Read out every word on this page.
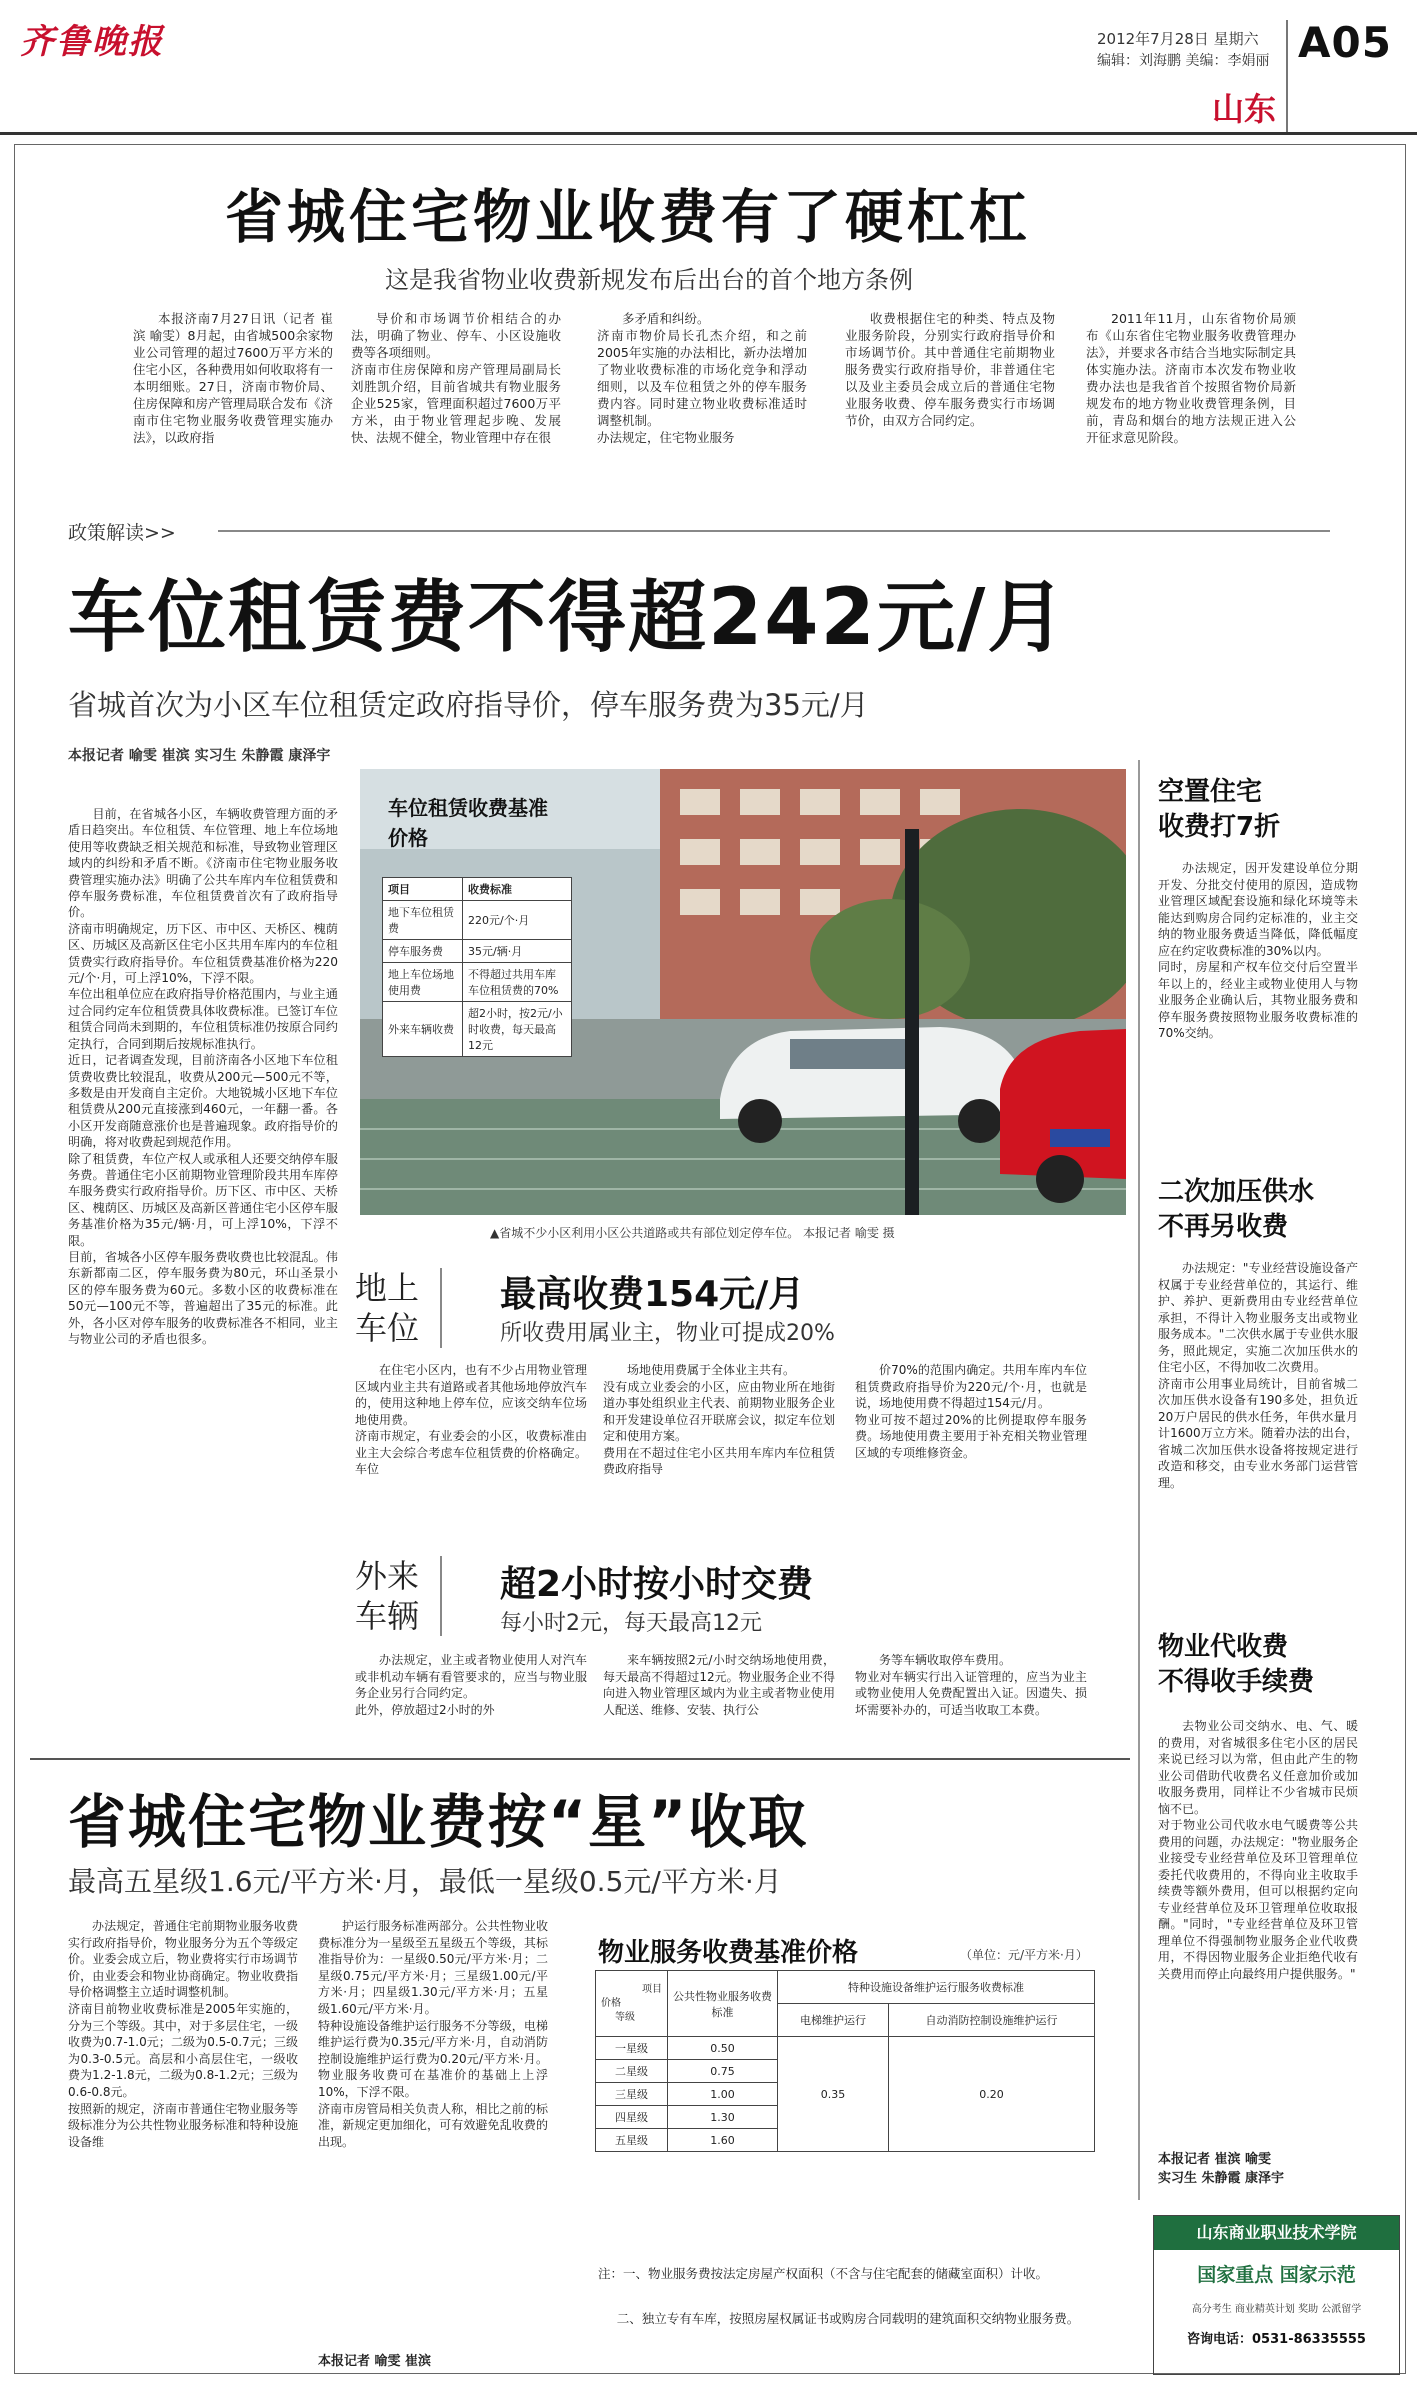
齐鲁晚报	2012年7月28日 星期六
编辑：刘海鹏 美编：李娟丽 A05
山东
省城住宅物业收费有了硬杠杠
这是我省物业收费新规发布后出台的首个地方条例
本报济南7月27日讯（记者 崔滨 喻雯）8月起，由省城500余家物业公司管理的超过7600万平方米的住宅小区，各种费用如何收取将有一本明细账。27日，济南市物价局、住房保障和房产管理局联合发布《济南市住宅物业服务收费管理实施办法》，以政府指
导价和市场调节价相结合的办法，明确了物业、停车、小区设施收费等各项细则。
济南市住房保障和房产管理局副局长刘胜凯介绍，目前省城共有物业服务企业525家，管理面积超过7600万平方米，由于物业管理起步晚、发展快、法规不健全，物业管理中存在很
多矛盾和纠纷。
济南市物价局长孔杰介绍，和之前2005年实施的办法相比，新办法增加了物业收费标准的市场化竞争和浮动细则，以及车位租赁之外的停车服务费内容。同时建立物业收费标准适时调整机制。
办法规定，住宅物业服务
收费根据住宅的种类、特点及物业服务阶段，分别实行政府指导价和市场调节价。其中普通住宅前期物业服务费实行政府指导价，非普通住宅以及业主委员会成立后的普通住宅物业服务收费、停车服务费实行市场调节价，由双方合同约定。
2011年11月，山东省物价局颁布《山东省住宅物业服务收费管理办法》，并要求各市结合当地实际制定具体实施办法。济南市本次发布物业收费办法也是我省首个按照省物价局新规发布的地方物业收费管理条例，目前，青岛和烟台的地方法规正进入公开征求意见阶段。
政策解读>>
车位租赁费不得超242元/月
省城首次为小区车位租赁定政府指导价，停车服务费为35元/月
本报记者 喻雯 崔滨 实习生 朱静霞 康泽宇
目前，在省城各小区，车辆收费管理方面的矛盾日趋突出。车位租赁、车位管理、地上车位场地使用等收费缺乏相关规范和标准，导致物业管理区域内的纠纷和矛盾不断。《济南市住宅物业服务收费管理实施办法》明确了公共车库内车位租赁费和停车服务费标准，车位租赁费首次有了政府指导价。
济南市明确规定，历下区、市中区、天桥区、槐荫区、历城区及高新区住宅小区共用车库内的车位租赁费实行政府指导价。车位租赁费基准价格为220元/个·月，可上浮10%，下浮不限。
车位出租单位应在政府指导价格范围内，与业主通过合同约定车位租赁费具体收费标准。已签订车位租赁合同尚未到期的，车位租赁标准仍按原合同约定执行，合同到期后按规标准执行。
近日，记者调查发现，目前济南各小区地下车位租赁费收费比较混乱，收费从200元—500元不等，多数是由开发商自主定价。大地锐城小区地下车位租赁费从200元直接涨到460元，一年翻一番。各小区开发商随意涨价也是普遍现象。政府指导价的明确，将对收费起到规范作用。
除了租赁费，车位产权人或承租人还要交纳停车服务费。普通住宅小区前期物业管理阶段共用车库停车服务费实行政府指导价。历下区、市中区、天桥区、槐荫区、历城区及高新区普通住宅小区停车服务基准价格为35元/辆·月，可上浮10%，下浮不限。
目前，省城各小区停车服务费收费也比较混乱。伟东新都南二区，停车服务费为80元，环山圣景小区的停车服务费为60元。多数小区的收费标准在50元—100元不等，普遍超出了35元的标准。此外，各小区对停车服务的收费标准各不相同，业主与物业公司的矛盾也很多。
车位租赁收费基准价格
项目	收费标准
地下车位租赁费	220元/个·月
停车服务费	35元/辆·月
地上车位场地使用费	不得超过共用车库车位租赁费的70%
外来车辆收费	超2小时，按2元/小时收费，每天最高12元
▲省城不少小区利用小区公共道路或共有部位划定停车位。 本报记者 喻雯 摄
地上
车位
最高收费154元/月
所收费用属业主，物业可提成20%
在住宅小区内，也有不少占用物业管理区域内业主共有道路或者其他场地停放汽车的，使用这种地上停车位，应该交纳车位场地使用费。
济南市规定，有业委会的小区，收费标准由业主大会综合考虑车位租赁费的价格确定。车位
场地使用费属于全体业主共有。
没有成立业委会的小区，应由物业所在地街道办事处组织业主代表、前期物业服务企业和开发建设单位召开联席会议，拟定车位划定和使用方案。
费用在不超过住宅小区共用车库内车位租赁费政府指导
价70%的范围内确定。共用车库内车位租赁费政府指导价为220元/个·月，也就是说，场地使用费不得超过154元/月。
物业可按不超过20%的比例提取停车服务费。场地使用费主要用于补充相关物业管理区域的专项维修资金。
外来
车辆
超2小时按小时交费
每小时2元，每天最高12元
办法规定，业主或者物业使用人对汽车或非机动车辆有看管要求的，应当与物业服务企业另行合同约定。
此外，停放超过2小时的外
来车辆按照2元/小时交纳场地使用费，每天最高不得超过12元。物业服务企业不得向进入物业管理区域内为业主或者物业使用人配送、维修、安装、执行公
务等车辆收取停车费用。
物业对车辆实行出入证管理的，应当为业主或物业使用人免费配置出入证。因遗失、损坏需要补办的，可适当收取工本费。
空置住宅
收费打7折
办法规定，因开发建设单位分期开发、分批交付使用的原因，造成物业管理区域配套设施和绿化环境等未能达到购房合同约定标准的，业主交纳的物业服务费适当降低，降低幅度应在约定收费标准的30%以内。
同时，房屋和产权车位交付后空置半年以上的，经业主或物业使用人与物业服务企业确认后，其物业服务费和停车服务费按照物业服务收费标准的70%交纳。
二次加压供水
不再另收费
办法规定："专业经营设施设备产权属于专业经营单位的，其运行、维护、养护、更新费用由专业经营单位承担，不得计入物业服务支出或物业服务成本。"二次供水属于专业供水服务，照此规定，实施二次加压供水的住宅小区，不得加收二次费用。
济南市公用事业局统计，目前省城二次加压供水设备有190多处，担负近20万户居民的供水任务，年供水量月计1600万立方米。随着办法的出台，省城二次加压供水设备将按规定进行改造和移交，由专业水务部门运营管理。
物业代收费
不得收手续费
去物业公司交纳水、电、气、暖的费用，对省城很多住宅小区的居民来说已经习以为常，但由此产生的物业公司借助代收费名义任意加价或加收服务费用，同样让不少省城市民烦恼不已。
对于物业公司代收水电气暖费等公共费用的问题，办法规定："物业服务企业接受专业经营单位及环卫管理单位委托代收费用的，不得向业主收取手续费等额外费用，但可以根据约定向专业经营单位及环卫管理单位收取报酬。"同时，"专业经营单位及环卫管理单位不得强制物业服务企业代收费用，不得因物业服务企业拒绝代收有关费用而停止向最终用户提供服务。"
本报记者 崔滨 喻雯
实习生 朱静霞 康泽宇
省城住宅物业费按“星”收取
最高五星级1.6元/平方米·月，最低一星级0.5元/平方米·月
办法规定，普通住宅前期物业服务收费实行政府指导价，物业服务分为五个等级定价。业委会成立后，物业费将实行市场调节价，由业委会和物业协商确定。物业收费指导价格调整主立适时调整机制。
济南目前物业收费标准是2005年实施的，分为三个等级。其中，对于多层住宅，一级收费为0.7-1.0元；二级为0.5-0.7元；三级为0.3-0.5元。高层和小高层住宅，一级收费为1.2-1.8元，二级为0.8-1.2元；三级为0.6-0.8元。
按照新的规定，济南市普通住宅物业服务等级标准分为公共性物业服务标准和特种设施设备维
护运行服务标准两部分。公共性物业收费标准分为一星级至五星级五个等级，其标准指导价为：一星级0.50元/平方米·月；二星级0.75元/平方米·月；三星级1.00元/平方米·月；四星级1.30元/平方米·月；五星级1.60元/平方米·月。
特种设施设备维护运行服务不分等级，电梯维护运行费为0.35元/平方米·月，自动消防控制设施维护运行费为0.20元/平方米·月。物业服务收费可在基准价的基础上上浮10%，下浮不限。
济南市房管局相关负责人称，相比之前的标准，新规定更加细化，可有效避免乱收费的出现。
本报记者 喻雯 崔滨
物业服务收费基准价格	（单位：元/平方米·月）
项目
价格
等级	公共性物业服务收费标准	特种设施设备维护运行服务收费标准	
		电梯维护运行	自动消防控制设施维护运行
一星级	0.50	0.35	0.20
二星级	0.75		
三星级	1.00		
四星级	1.30		
五星级	1.60		
注：一、物业服务费按法定房屋产权面积（不含与住宅配套的储藏室面积）计收。
二、独立专有车库，按照房屋权属证书或购房合同载明的建筑面积交纳物业服务费。
山东商业职业技术学院
国家重点 国家示范
高分考生 商业精英计划 奖助 公派留学
咨询电话：0531-86335555
